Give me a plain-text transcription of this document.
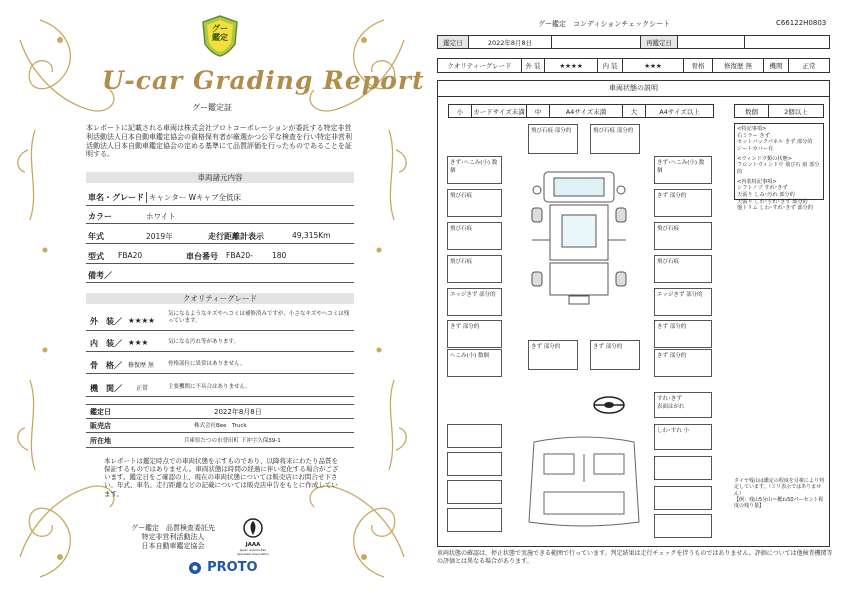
グー
鑑定
U-car Grading Report
グー鑑定証
本レポートに記載される車両は株式会社プロトコーポレーションが委託する特定非営利活動法人日本自動車鑑定協会の資格保有者が厳選かつ公平な検査を行い特定非営利活動法人日本自動車鑑定協会の定める基準にて品質評価を行ったものであることを証明する。
車両諸元内容
車名・グレード キャンター Wキャブ全低床
カラー	ホワイト
年式	2019年	走行距離計表示	49,315Km
型式 FBA20	車台番号 FBA20-	180
備考／
クオリティーグレード
外　装／ ★★★★
気になるようなキズやヘコミは補修済みですが、小さなキズやヘコミは残っています。
内　装／ ★★★	気になる汚れ等があります。
骨　格／ 修復歴 無	骨格部位に異常はありません。
機　関／ 正常	主要機関に不具合はありません。
鑑定日	2022年8月8日
販売店	株式会社Bee　Truck
所在地	兵庫県たつの市誉田町 下沖字久保39-1
本レポートは鑑定時点での車両状態を示すものであり、以降将来にわたり品質を保証するものではありません。車両状態は時間の経過に伴い変化する場合がございます。鑑定日をご確認の上、現在の車両状態については販売店にお問合せ下さい。年式、車名、走行距離などの記載については販売店申告をもとに作成しています。
グー鑑定　品質検査委託先
特定非営利活動法人
日本自動車鑑定協会	JAAA
Japan Automobile Appraisal Association
PROTO
グー鑑定　コンディションチェックシート	C66122H0803
鑑定日	2022年8月8日	再鑑定日
クオリティーグレード	外 装	★★★★	内 装	★★★	骨格	修復歴 無	機関	正常
車両状態の説明
小	カードサイズ未満	中	A4サイズ未満	大	A4サイズ以上	数個	2個以上
<特記事項>
右ミラー きず
セットバックパネル きず 部分的
シートカバー有
<ウィンドウ類の状態>
フロントウィンドウ 飛び石 痕 部分的
<内装特記事項>
シフトノブ すれ･きず
天張り しみ･汚れ 部分的
天張り しわ･すれ･きず 部分的
他トリム しわ･すれ･きず 部分的
きず･へこみ(小) 数個
飛び石痕
飛び石痕
飛び石痕
エッジきず 部分的
きず 部分的
へこみ(小) 数個
きず･へこみ(小) 数個
きず 部分的
飛び石痕
飛び石痕
エッジきず 部分的
きず 部分的
きず 部分的
飛び石痕 部分的	飛び石痕 部分的
きず 部分的	きず 部分的
すれ･きず
表面はがれ
しわ･すれ 小
タイヤ残山は鑑定の程度を目視により判定しています。（ミリ表示ではありません）
【例：残山5分山＝概ね50パーセント程度の残り量】
車両状態の確認は、停止状態で実施できる範囲で行っています。判定結果は走行チェックを伴うものではありません。評価については他検査機関等の評価とは異なる場合があります。
